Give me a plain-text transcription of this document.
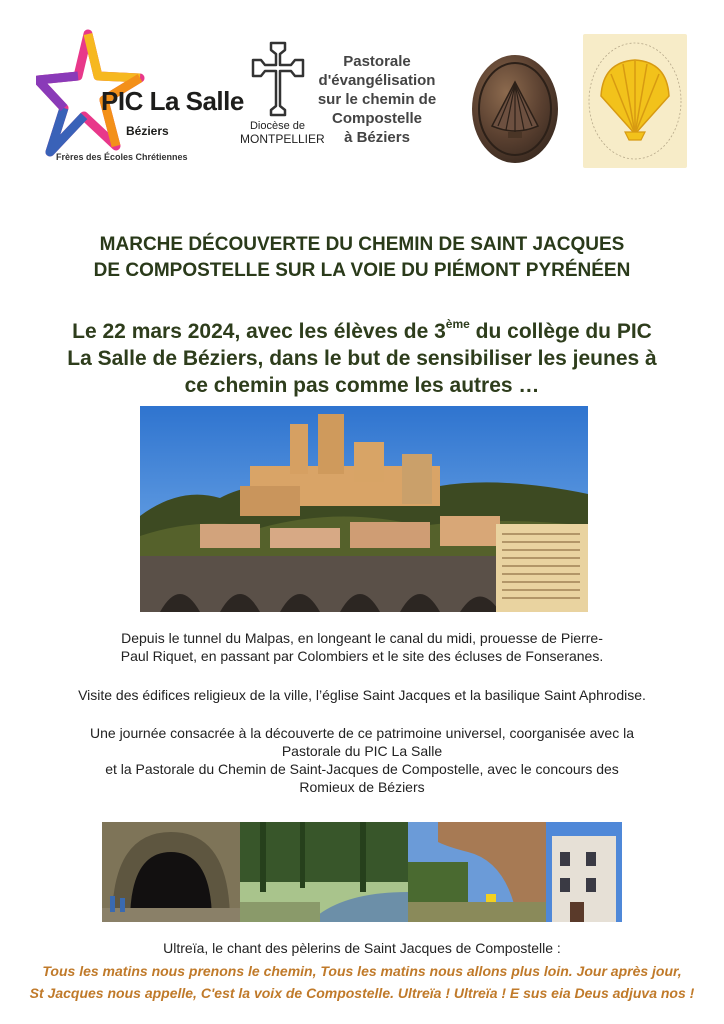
PIC La Salle
Béziers
Frères des Écoles Chrétiennes
Diocèse de
MONTPELLIER
Pastorale
d'évangélisation
sur le chemin de
Compostelle
à Béziers
MARCHE DÉCOUVERTE DU CHEMIN DE SAINT JACQUES
DE COMPOSTELLE SUR LA VOIE DU PIÉMONT PYRÉNÉEN
Le 22 mars 2024, avec les élèves de 3ème du collège du PIC
La Salle de Béziers, dans le but de sensibiliser les jeunes à
ce chemin pas comme les autres …
Depuis le tunnel du Malpas, en longeant le canal du midi, prouesse de Pierre-
Paul Riquet, en passant par Colombiers et le site des écluses de Fonseranes.
Visite des édifices religieux de la ville, l’église Saint Jacques et la basilique Saint Aphrodise.
Une journée consacrée à la découverte de ce patrimoine universel, coorganisée avec la
Pastorale du PIC La Salle
et la Pastorale du Chemin de Saint-Jacques de Compostelle, avec le concours des
Romieux de Béziers
Ultreïa, le chant des pèlerins de Saint Jacques de Compostelle :
Tous les matins nous prenons le chemin, Tous les matins nous allons plus loin. Jour après jour,
St Jacques nous appelle, C'est la voix de Compostelle. Ultreïa ! Ultreïa ! E sus eia Deus adjuva nos !
